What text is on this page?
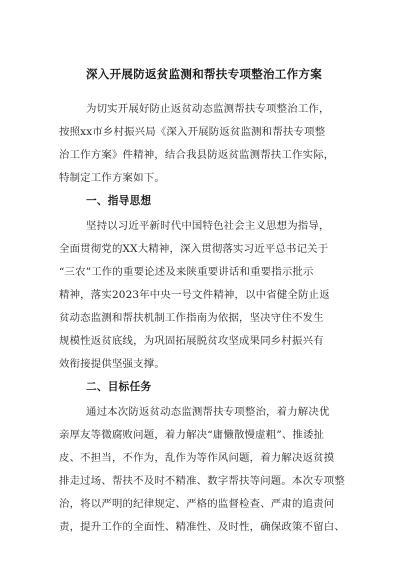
深入开展防返贫监测和帮扶专项整治工作方案
为切实开展好防止返贫动态监测帮扶专项整治工作，
按照xx市乡村振兴局《深入开展防返贫监测和帮扶专项整
治工作方案》件精神，结合我县防返贫监测帮扶工作实际，
特制定工作方案如下。
一、指导思想
坚持以习近平新时代中国特色社会主义思想为指导，
全面贯彻党的XX大精神，深入贯彻落实习近平总书记关于
“三农”工作的重要论述及来陕重要讲话和重要指示批示
精神，落实2023年中央一号文件精神，以中省健全防止返
贫动态监测和帮扶机制工作指南为依据，坚决守住不发生
规模性返贫底线，为巩固拓展脱贫攻坚成果同乡村振兴有
效衔接提供坚强支撑。
二、目标任务
通过本次防返贫动态监测帮扶专项整治，着力解决优
亲厚友等微腐败问题，着力解决“庸懒散慢虚粗”、推诿扯
皮、不担当，不作为，乱作为等作风问题，着力解决返贫摸
排走过场、帮扶不及时不精准、数字帮扶等问题。本次专项整
治，将以严明的纪律规定、严格的监督检查、严肃的追责问
责，提升工作的全面性、精准性、及时性，确保政策不留白、
